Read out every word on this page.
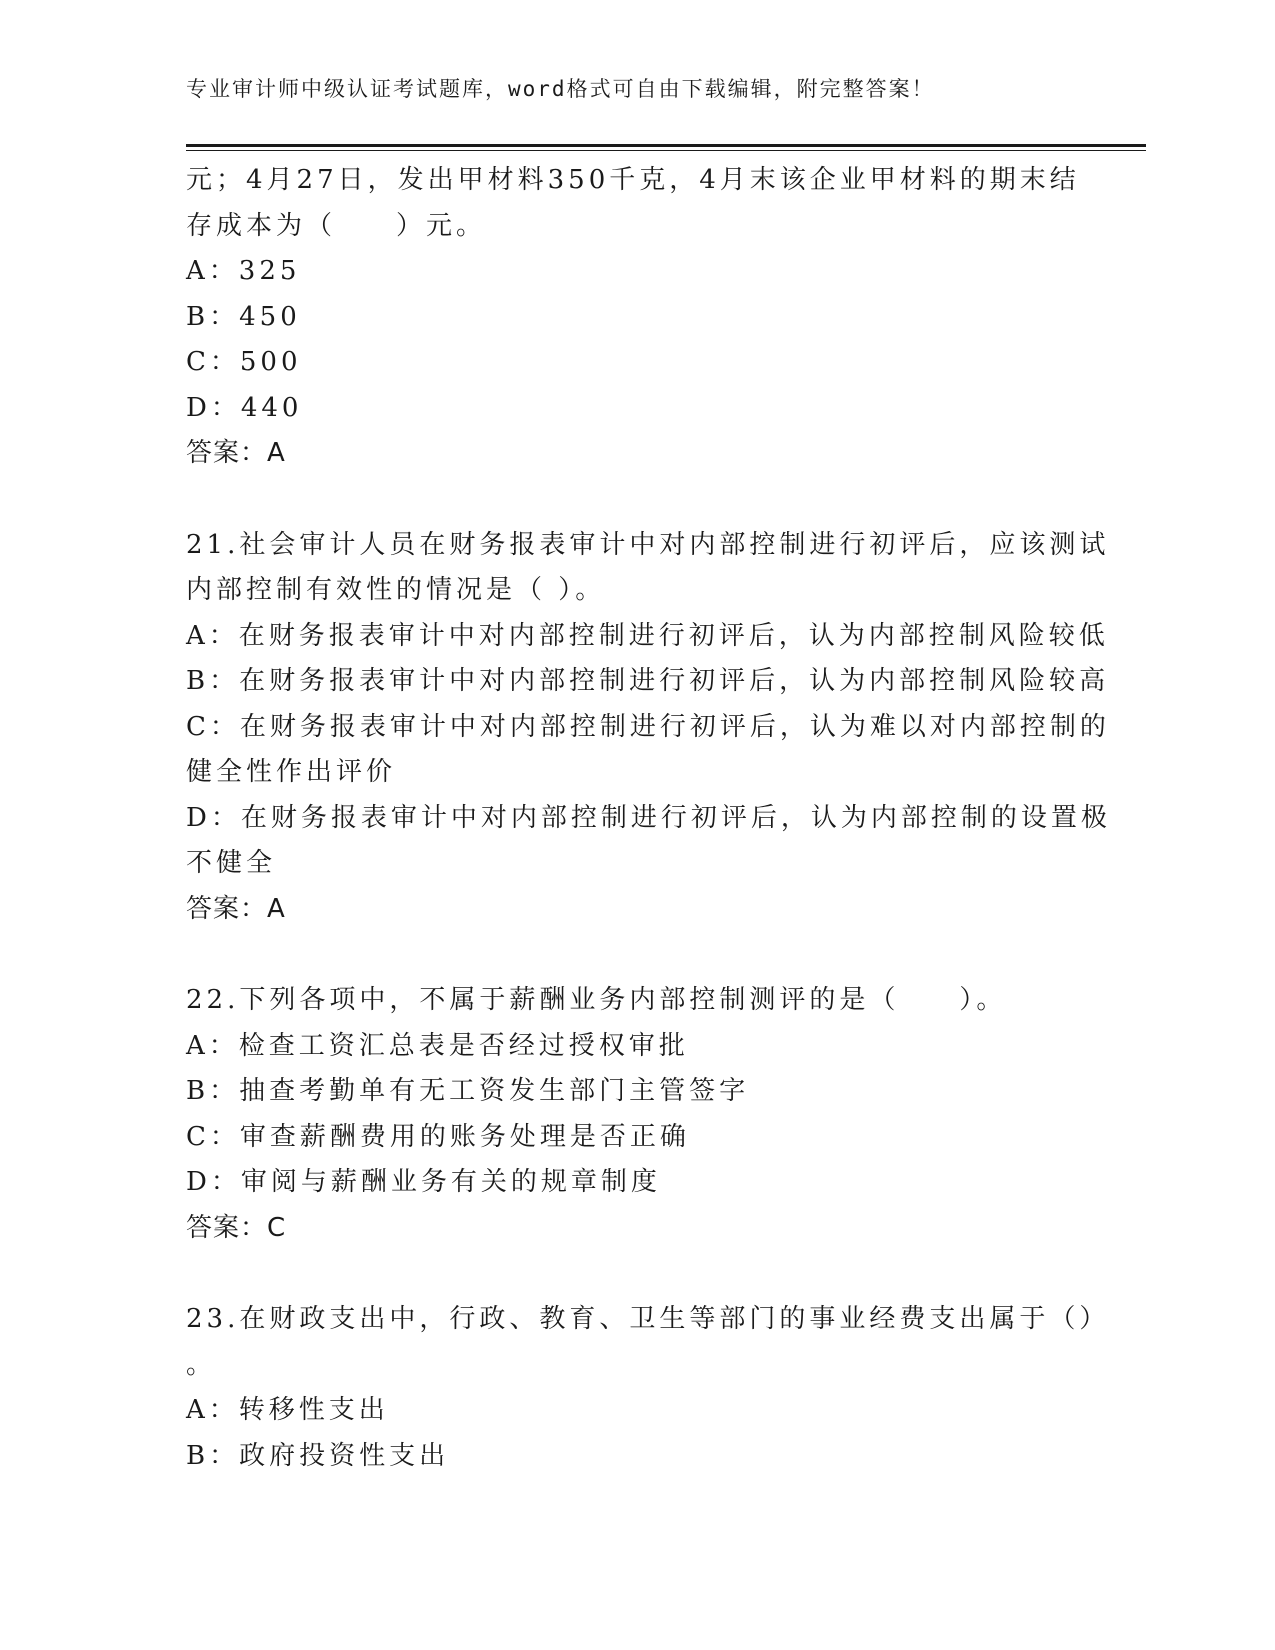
专业审计师中级认证考试题库，word格式可自由下载编辑，附完整答案！
元；4月27日，发出甲材料350千克，4月末该企业甲材料的期末结
存成本为（　　）元。
A：325
B：450
C：500
D：440
答案：A
21.社会审计人员在财务报表审计中对内部控制进行初评后，应该测试
内部控制有效性的情况是（ ）。
A：在财务报表审计中对内部控制进行初评后，认为内部控制风险较低
B：在财务报表审计中对内部控制进行初评后，认为内部控制风险较高
C：在财务报表审计中对内部控制进行初评后，认为难以对内部控制的
健全性作出评价
D：在财务报表审计中对内部控制进行初评后，认为内部控制的设置极
不健全
答案：A
22.下列各项中，不属于薪酬业务内部控制测评的是（　　）。
A：检查工资汇总表是否经过授权审批
B：抽查考勤单有无工资发生部门主管签字
C：审查薪酬费用的账务处理是否正确
D：审阅与薪酬业务有关的规章制度
答案：C
23.在财政支出中，行政、教育、卫生等部门的事业经费支出属于（）
。
A：转移性支出
B：政府投资性支出
